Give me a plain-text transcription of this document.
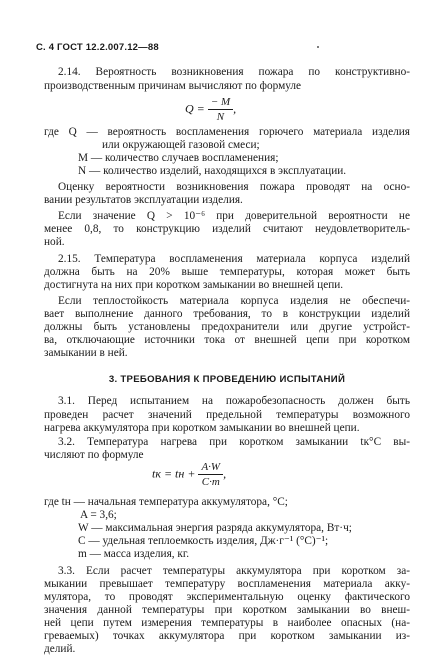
С. 4 ГОСТ 12.2.007.12—88
2.14. Вероятность возникновения пожара по конструктивно-
производственным причинам вычисляют по формуле
$Q = \frac{- M}{N}$ ,
где Q — вероятность воспламенения горючего материала изделия
или окружающей газовой смеси;
M — количество случаев воспламенения;
N — количество изделий, находящихся в эксплуатации.
Оценку вероятности возникновения пожара проводят на осно-
вании результатов эксплуатации изделия.
Если значение Q > 10⁻⁶ при доверительной вероятности не
менее 0,8, то конструкцию изделий считают неудовлетворитель-
ной.
2.15. Температура воспламенения материала корпуса изделий
должна быть на 20% выше температуры, которая может быть
достигнута на них при коротком замыкании во внешней цепи.
Если теплостойкость материала корпуса изделия не обеспечи-
вает выполнение данного требования, то в конструкции изделий
должны быть установлены предохранители или другие устройст-
ва, отключающие источники тока от внешней цепи при коротком
замыкании в ней.
3. ТРЕБОВАНИЯ К ПРОВЕДЕНИЮ ИСПЫТАНИЙ
3.1. Перед испытанием на пожаробезопасность должен быть
проведен расчет значений предельной температуры возможного
нагрева аккумулятора при коротком замыкании во внешней цепи.
3.2. Температура нагрева при коротком замыкании tк°С вы-
числяют по формуле
tк = tн + $\frac{A\cdot W}{C\cdot m}$ ,
где tн — начальная температура аккумулятора, °C;
A = 3,6;
W — максимальная энергия разряда аккумулятора, Вт·ч;
C — удельная теплоемкость изделия, Дж·г⁻¹ (°C)⁻¹;
m — масса изделия, кг.
3.3. Если расчет температуры аккумулятора при коротком за-
мыкании превышает температуру воспламенения материала акку-
мулятора, то проводят экспериментальную оценку фактического
значения данной температуры при коротком замыкании во внеш-
ней цепи путем измерения температуры в наиболее опасных (на-
греваемых) точках аккумулятора при коротком замыкании из-
делий.
